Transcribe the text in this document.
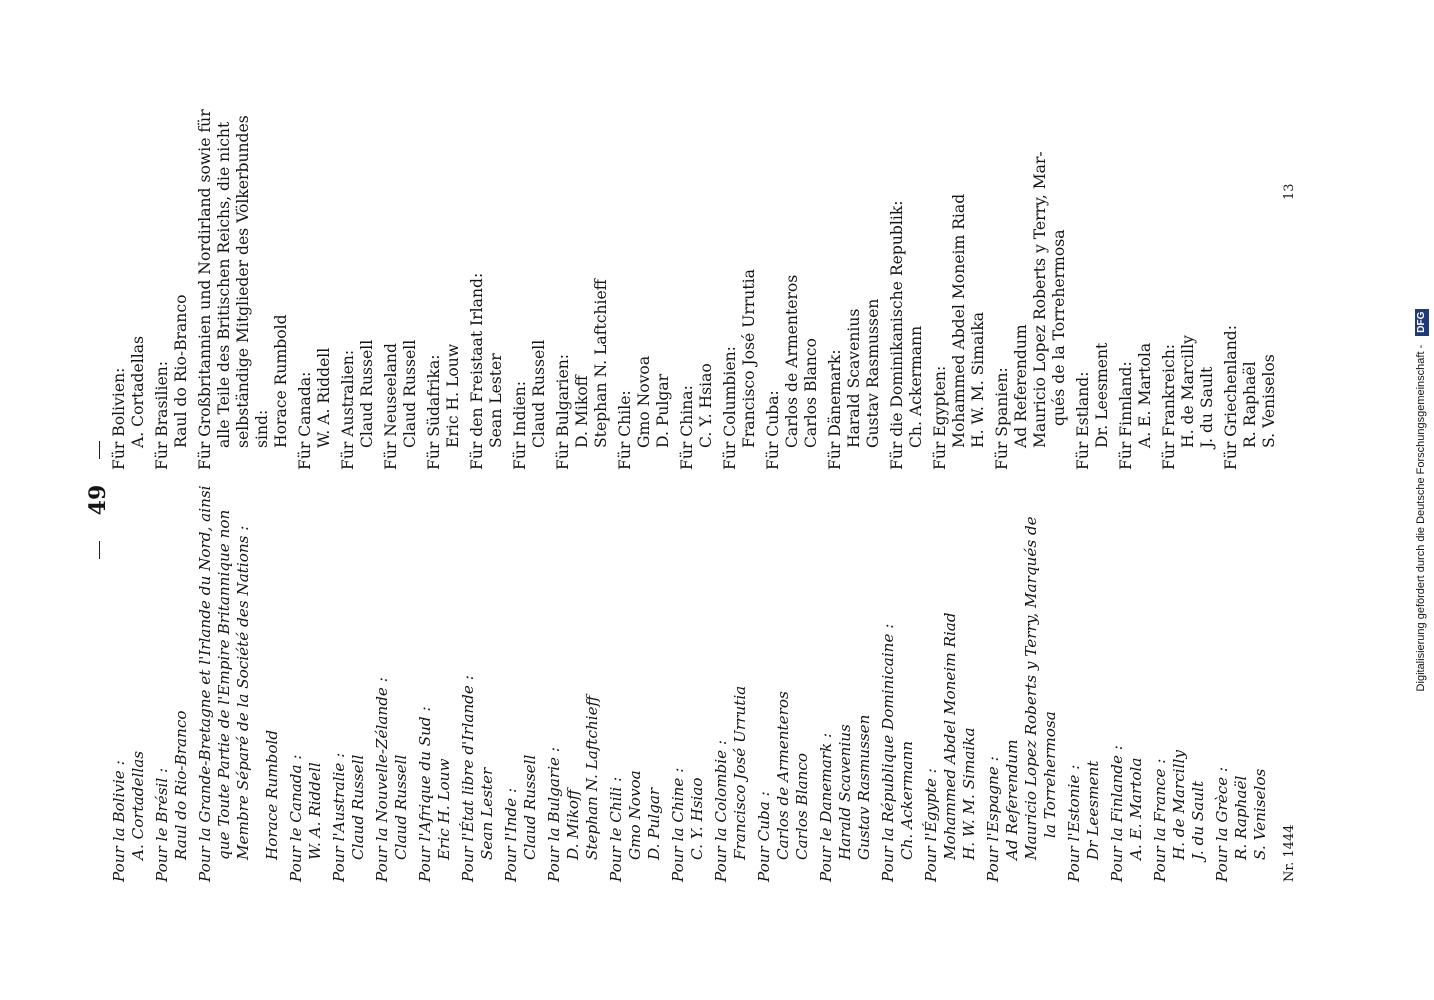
49
Pour la Bolivie : A. Cortadellas Pour le Brésil : Raul do Rio-Branco Pour la Grande-Bretagne et l'Irlande du Nord, ainsi que Toute Partie de l'Empire Britannique non Membre Séparé de la Société des Nations : Horace Rumbold Pour le Canada : W. A. Riddell Pour l'Australie : Claud Russell Pour la Nouvelle-Zélande : Claud Russell Pour l'Afrique du Sud : Eric H. Louw Pour l'État libre d'Irlande : Sean Lester Pour l'Inde : Claud Russell Pour la Bulgarie : D. Mikoff Stephan N. Laftchieff Pour le Chili : Gmo Novoa D. Pulgar Pour la Chine : C. Y. Hsiao Pour la Colombie : Francisco José Urrutia Pour Cuba : Carlos de Armenteros Carlos Blanco Pour le Danemark : Harald Scavenius Gustav Rasmussen Pour la République Dominicaine : Ch. Ackermann Pour l'Égypte : Mohammed Abdel Moneim Riad H. W. M. Simaika Pour l'Espagne : Ad Referendum Mauricio Lopez Roberts y Terry, Marqués de la Torrehermosa Pour l'Estonie : Dr Leesment Pour la Finlande : A. E. Martola Pour la France : H. de Marcilly J. du Sault Pour la Grèce : R. Raphaël S. Veniselos
Für Bolivien: A. Cortadellas Für Brasilien: Raul do Rio-Branco Für Großbritannien und Nordirland sowie für alle Teile des Britischen Reichs, die nicht selbständige Mitglieder des Völkerbundes sind: Horace Rumbold Für Canada: W. A. Riddell Für Australien: Claud Russell Für Neuseeland Claud Russell Für Südafrika: Eric H. Louw Für den Freistaat Irland: Sean Lester Für Indien: Claud Russell Für Bulgarien: D. Mikoff Stephan N. Laftchieff Für Chile: Gmo Novoa D. Pulgar Für China: C. Y. Hsiao Für Columbien: Francisco José Urrutia Für Cuba: Carlos de Armenteros Carlos Blanco Für Dänemark: Harald Scavenius Gustav Rasmussen Für die Dominikanische Republik: Ch. Ackermann Für Egypten: Mohammed Abdel Moneim Riad H. W. M. Simaika Für Spanien: Ad Referendum Mauricio Lopez Roberts y Terry, Mar- qués de la Torrehermosa Für Estland: Dr. Leesment Für Finnland: A. E. Martola Für Frankreich: H. de Marcilly J. du Sault Für Griechenland: R. Raphaël S. Veniselos
Nr. 1444
13
Digitalisierung gefördert durch die Deutsche Forschungsgemeinschaft - DFG
